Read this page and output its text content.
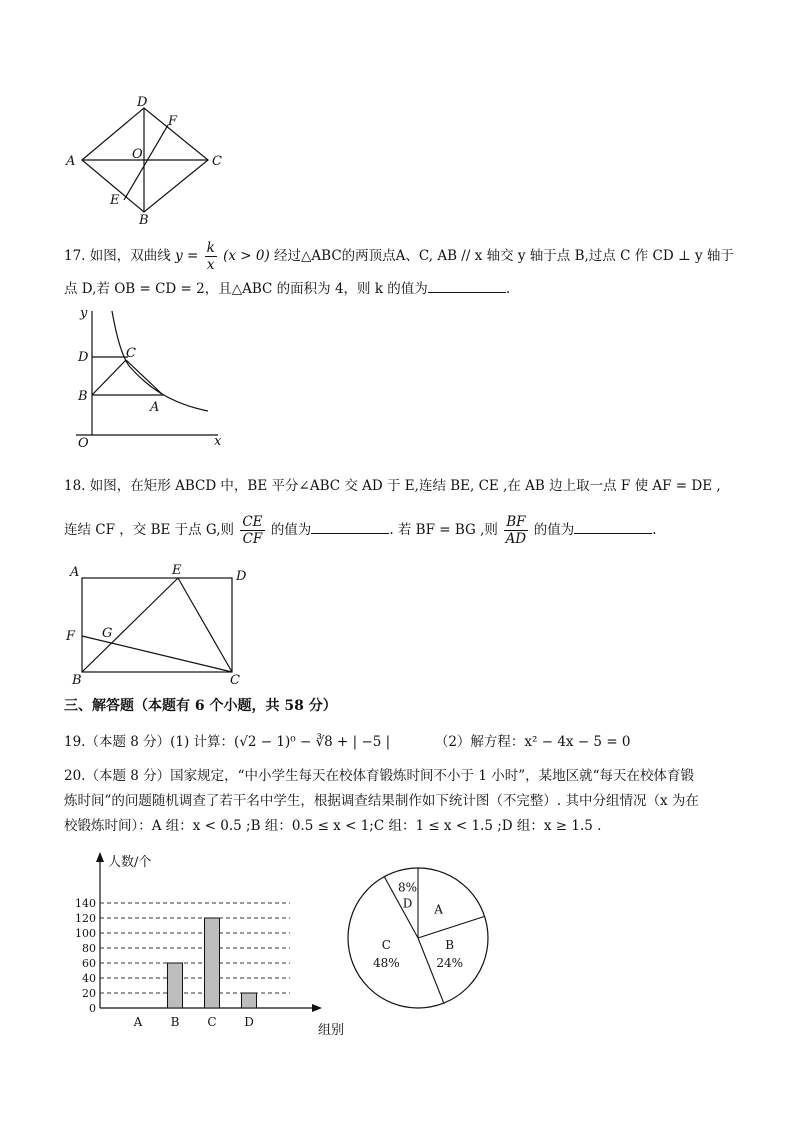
D
F
A	O	C
E
B
17. 如图，双曲线 $y = \frac{k}{x} (x > 0)$ 经过△ABC的两顶点A、C, AB // x 轴交 y 轴于点 B,过点 C 作 CD ⊥ y 轴于
点 D,若 OB = CD = 2，且△ABC 的面积为 4，则 k 的值为	.
y
x
O
D	C
B
A
18. 如图，在矩形 ABCD 中，BE 平分∠ABC 交 AD 于 E,连结 BE, CE ,在 AB 边上取一点 F 使 AF = DE ,
连结 CF ，交 BE 于点 G,则 $\frac{CE}{CF}$ 的值为	. 若 BF = BG ,则 $\frac{BF}{AD}$ 的值为	.
A	E	D
F G
B	C
三、解答题（本题有 6 个小题，共 58 分）
19.（本题 8 分）(1) 计算：(√2 − 1)⁰ − ∛8 + | −5 |	（2）解方程：x² − 4x − 5 = 0
20.（本题 8 分）国家规定，“中小学生每天在校体育锻炼时间不小于 1 小时”，某地区就“每天在校体育锻
炼时间”的问题随机调查了若干名中学生，根据调查结果制作如下统计图（不完整）. 其中分组情况（x 为在
校锻炼时间）：A 组：x < 0.5 ;B 组：0.5 ≤ x < 1;C 组：1 ≤ x < 1.5 ;D 组：x ≥ 1.5 .
人数/个
组别
0
20
40
60
80
100
120
140
A B C D
A
B
24%
C
48%
8%
D
